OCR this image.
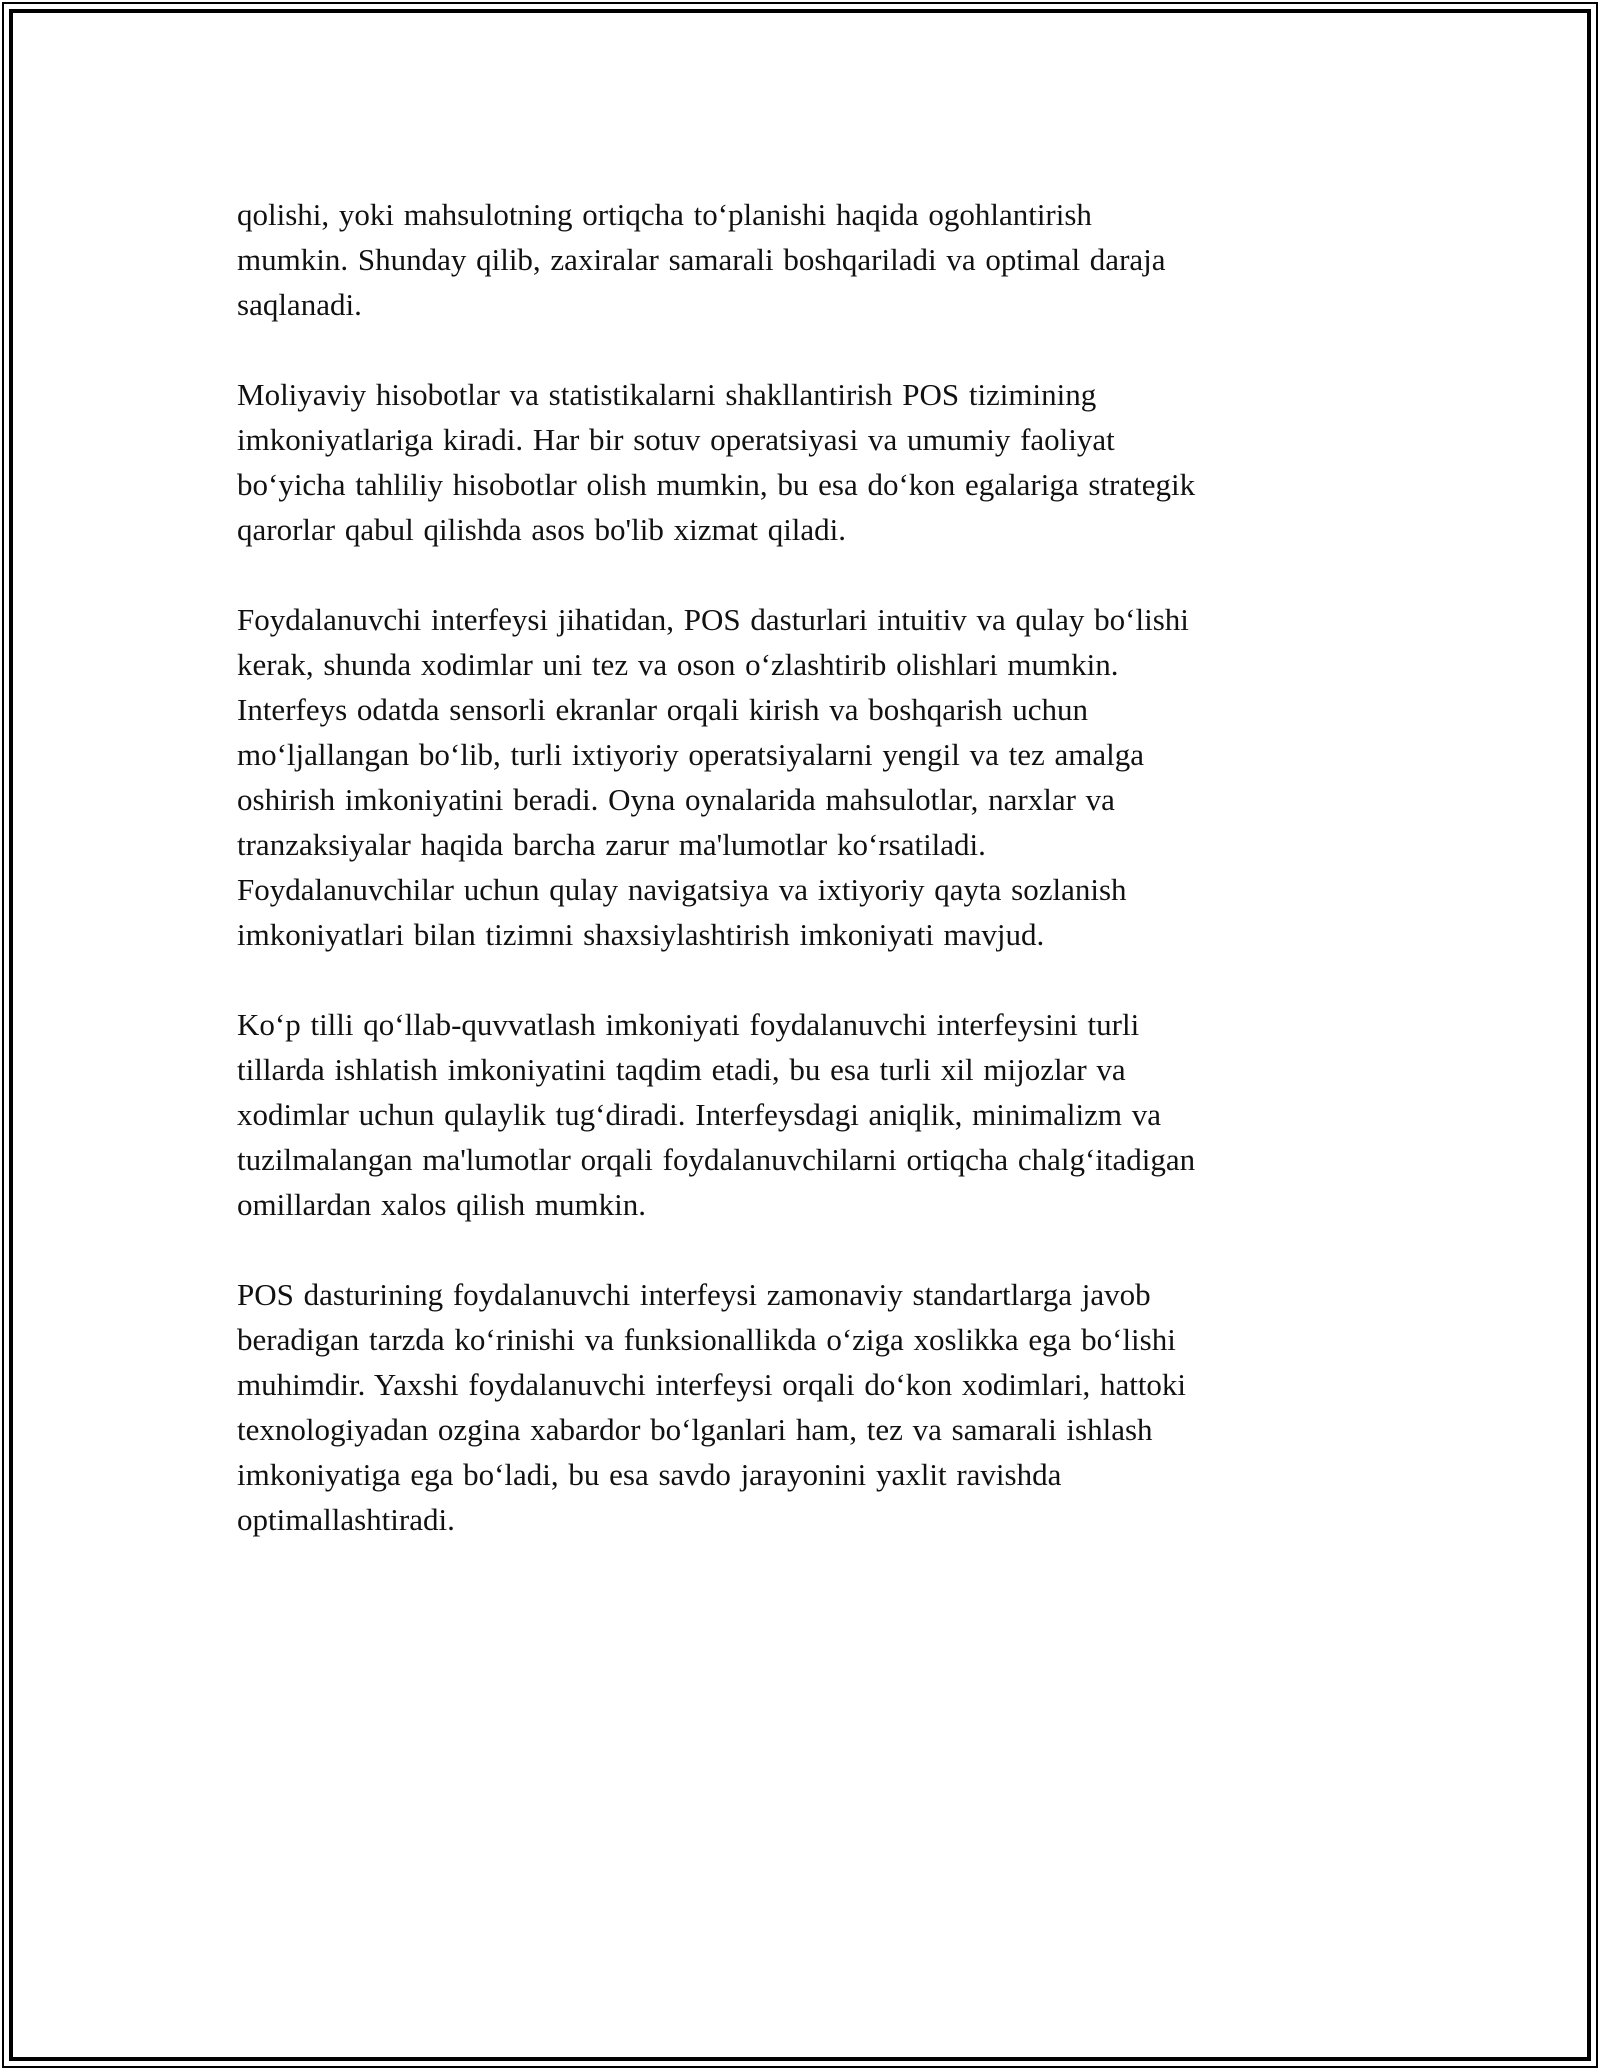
qolishi, yoki mahsulotning ortiqcha to‘planishi haqida ogohlantirish
mumkin. Shunday qilib, zaxiralar samarali boshqariladi va optimal daraja
saqlanadi.

Moliyaviy hisobotlar va statistikalarni shakllantirish POS tizimining
imkoniyatlariga kiradi. Har bir sotuv operatsiyasi va umumiy faoliyat
bo‘yicha tahliliy hisobotlar olish mumkin, bu esa do‘kon egalariga strategik
qarorlar qabul qilishda asos bo'lib xizmat qiladi.

Foydalanuvchi interfeysi jihatidan, POS dasturlari intuitiv va qulay bo‘lishi
kerak, shunda xodimlar uni tez va oson o‘zlashtirib olishlari mumkin.
Interfeys odatda sensorli ekranlar orqali kirish va boshqarish uchun
mo‘ljallangan bo‘lib, turli ixtiyoriy operatsiyalarni yengil va tez amalga
oshirish imkoniyatini beradi. Oyna oynalarida mahsulotlar, narxlar va
tranzaksiyalar haqida barcha zarur ma'lumotlar ko‘rsatiladi.
Foydalanuvchilar uchun qulay navigatsiya va ixtiyoriy qayta sozlanish
imkoniyatlari bilan tizimni shaxsiylashtirish imkoniyati mavjud.

Ko‘p tilli qo‘llab-quvvatlash imkoniyati foydalanuvchi interfeysini turli
tillarda ishlatish imkoniyatini taqdim etadi, bu esa turli xil mijozlar va
xodimlar uchun qulaylik tug‘diradi. Interfeysdagi aniqlik, minimalizm va
tuzilmalangan ma'lumotlar orqali foydalanuvchilarni ortiqcha chalg‘itadigan
omillardan xalos qilish mumkin.

POS dasturining foydalanuvchi interfeysi zamonaviy standartlarga javob
beradigan tarzda ko‘rinishi va funksionallikda o‘ziga xoslikka ega bo‘lishi
muhimdir. Yaxshi foydalanuvchi interfeysi orqali do‘kon xodimlari, hattoki
texnologiyadan ozgina xabardor bo‘lganlari ham, tez va samarali ishlash
imkoniyatiga ega bo‘ladi, bu esa savdo jarayonini yaxlit ravishda
optimallashtiradi.
